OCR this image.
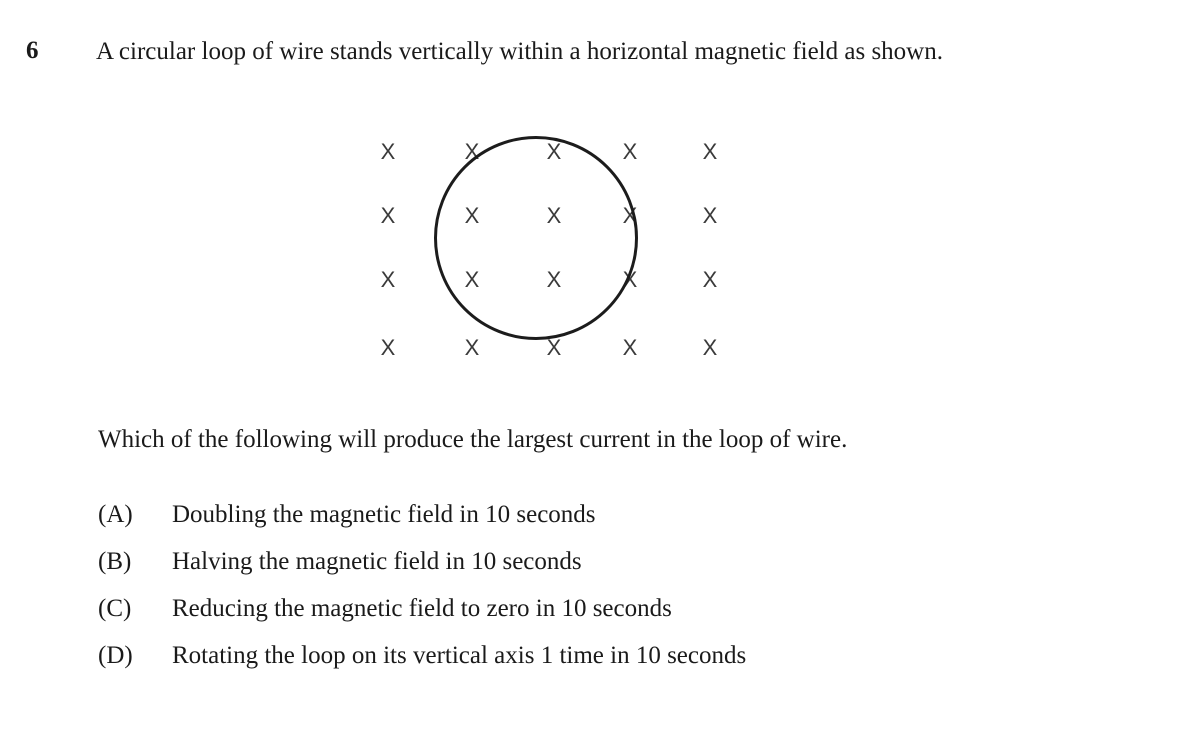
6	A circular loop of wire stands vertically within a horizontal magnetic field as shown.
X	X	X	X	X
X	X	X	X	X
X	X	X	X	X
X	X	X	X	X
Which of the following will produce the largest current in the loop of wire.
(A)	Doubling the magnetic field in 10 seconds
(B)	Halving the magnetic field in 10 seconds
(C)	Reducing the magnetic field to zero in 10 seconds
(D)	Rotating the loop on its vertical axis 1 time in 10 seconds
